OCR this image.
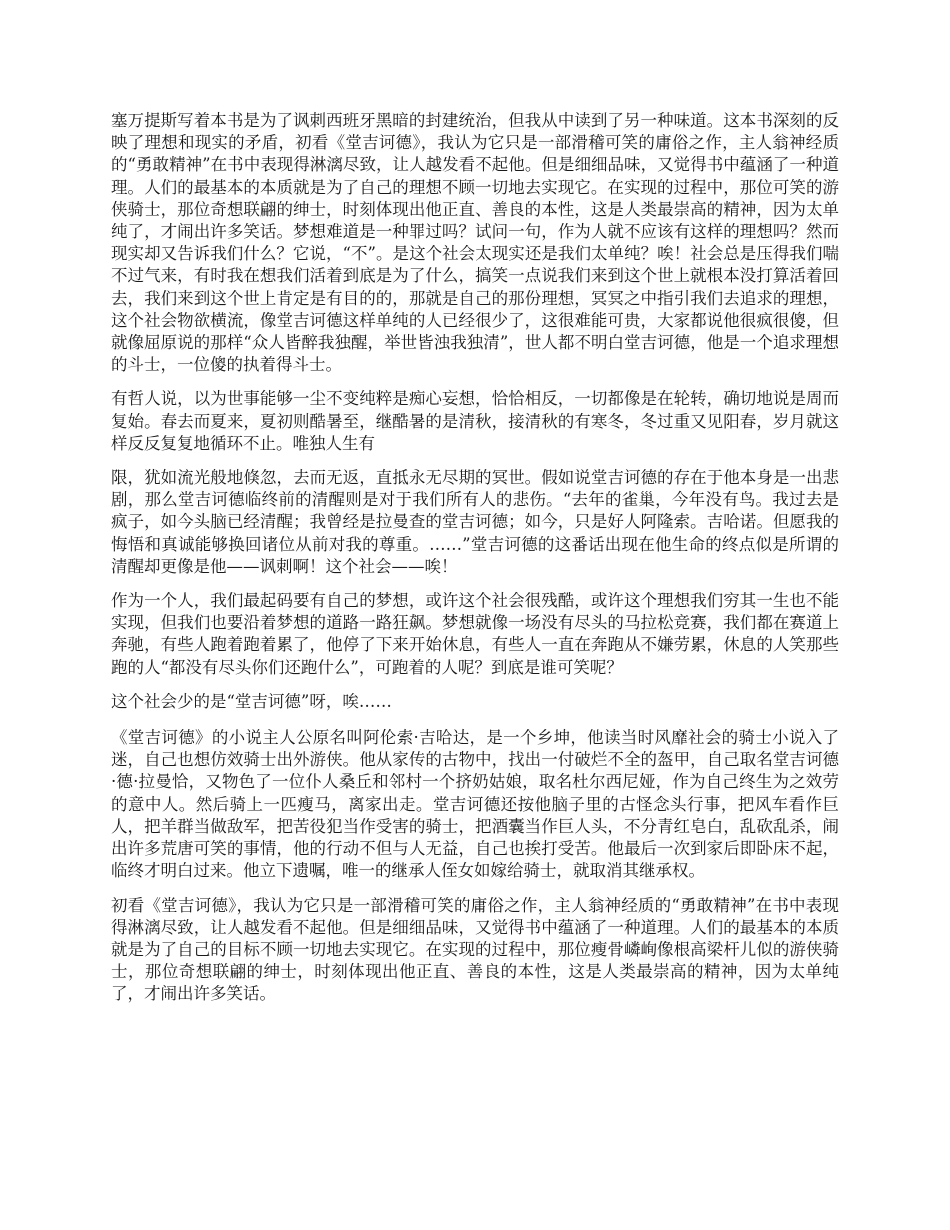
塞万提斯写着本书是为了讽刺西班牙黑暗的封建统治，但我从中读到了另一种味道。这本书深刻的反映了理想和现实的矛盾，初看《堂吉诃德》，我认为它只是一部滑稽可笑的庸俗之作，主人翁神经质的“勇敢精神”在书中表现得淋漓尽致，让人越发看不起他。但是细细品味，又觉得书中蕴涵了一种道理。人们的最基本的本质就是为了自己的理想不顾一切地去实现它。在实现的过程中，那位可笑的游侠骑士，那位奇想联翩的绅士，时刻体现出他正直、善良的本性，这是人类最崇高的精神，因为太单纯了，才闹出许多笑话。梦想难道是一种罪过吗？试问一句，作为人就不应该有这样的理想吗？然而现实却又告诉我们什么？它说，“不”。是这个社会太现实还是我们太单纯？唉！社会总是压得我们喘不过气来，有时我在想我们活着到底是为了什么，搞笑一点说我们来到这个世上就根本没打算活着回去，我们来到这个世上肯定是有目的的，那就是自己的那份理想，冥冥之中指引我们去追求的理想，这个社会物欲横流，像堂吉诃德这样单纯的人已经很少了，这很难能可贵，大家都说他很疯很傻，但就像屈原说的那样“众人皆醉我独醒，举世皆浊我独清”，世人都不明白堂吉诃德，他是一个追求理想的斗士，一位傻的执着得斗士。

有哲人说，以为世事能够一尘不变纯粹是痴心妄想，恰恰相反，一切都像是在轮转，确切地说是周而复始。春去而夏来，夏初则酷暑至，继酷暑的是清秋，接清秋的有寒冬，冬过重又见阳春，岁月就这样反反复复地循环不止。唯独人生有

限，犹如流光般地倏忽，去而无返，直抵永无尽期的冥世。假如说堂吉诃德的存在于他本身是一出悲剧，那么堂吉诃德临终前的清醒则是对于我们所有人的悲伤。“去年的雀巢，今年没有鸟。我过去是疯子，如今头脑已经清醒；我曾经是拉曼查的堂吉诃德；如今，只是好人阿隆索。吉哈诺。但愿我的悔悟和真诚能够换回诸位从前对我的尊重。……”堂吉诃德的这番话出现在他生命的终点似是所谓的清醒却更像是他——讽刺啊！这个社会——唉！

作为一个人，我们最起码要有自己的梦想，或许这个社会很残酷，或许这个理想我们穷其一生也不能实现，但我们也要沿着梦想的道路一路狂飙。梦想就像一场没有尽头的马拉松竞赛，我们都在赛道上奔驰，有些人跑着跑着累了，他停了下来开始休息，有些人一直在奔跑从不嫌劳累，休息的人笑那些跑的人“都没有尽头你们还跑什么”，可跑着的人呢？到底是谁可笑呢？

这个社会少的是“堂吉诃德”呀，唉……

《堂吉诃德》的小说主人公原名叫阿伦索·吉哈达，是一个乡坤，他读当时风靡社会的骑士小说入了迷，自己也想仿效骑士出外游侠。他从家传的古物中，找出一付破烂不全的盔甲，自己取名堂吉诃德·德·拉曼恰，又物色了一位仆人桑丘和邻村一个挤奶姑娘，取名杜尔西尼娅，作为自己终生为之效劳的意中人。然后骑上一匹瘦马，离家出走。堂吉诃德还按他脑子里的古怪念头行事，把风车看作巨人，把羊群当做敌军，把苦役犯当作受害的骑士，把酒囊当作巨人头，不分青红皂白，乱砍乱杀，闹出许多荒唐可笑的事情，他的行动不但与人无益，自己也挨打受苦。他最后一次到家后即卧床不起，临终才明白过来。他立下遗嘱，唯一的继承人侄女如嫁给骑士，就取消其继承权。

初看《堂吉诃德》，我认为它只是一部滑稽可笑的庸俗之作，主人翁神经质的“勇敢精神”在书中表现得淋漓尽致，让人越发看不起他。但是细细品味，又觉得书中蕴涵了一种道理。人们的最基本的本质就是为了自己的目标不顾一切地去实现它。在实现的过程中，那位瘦骨嶙峋像根高梁杆儿似的游侠骑士，那位奇想联翩的绅士，时刻体现出他正直、善良的本性，这是人类最崇高的精神，因为太单纯了，才闹出许多笑话。
